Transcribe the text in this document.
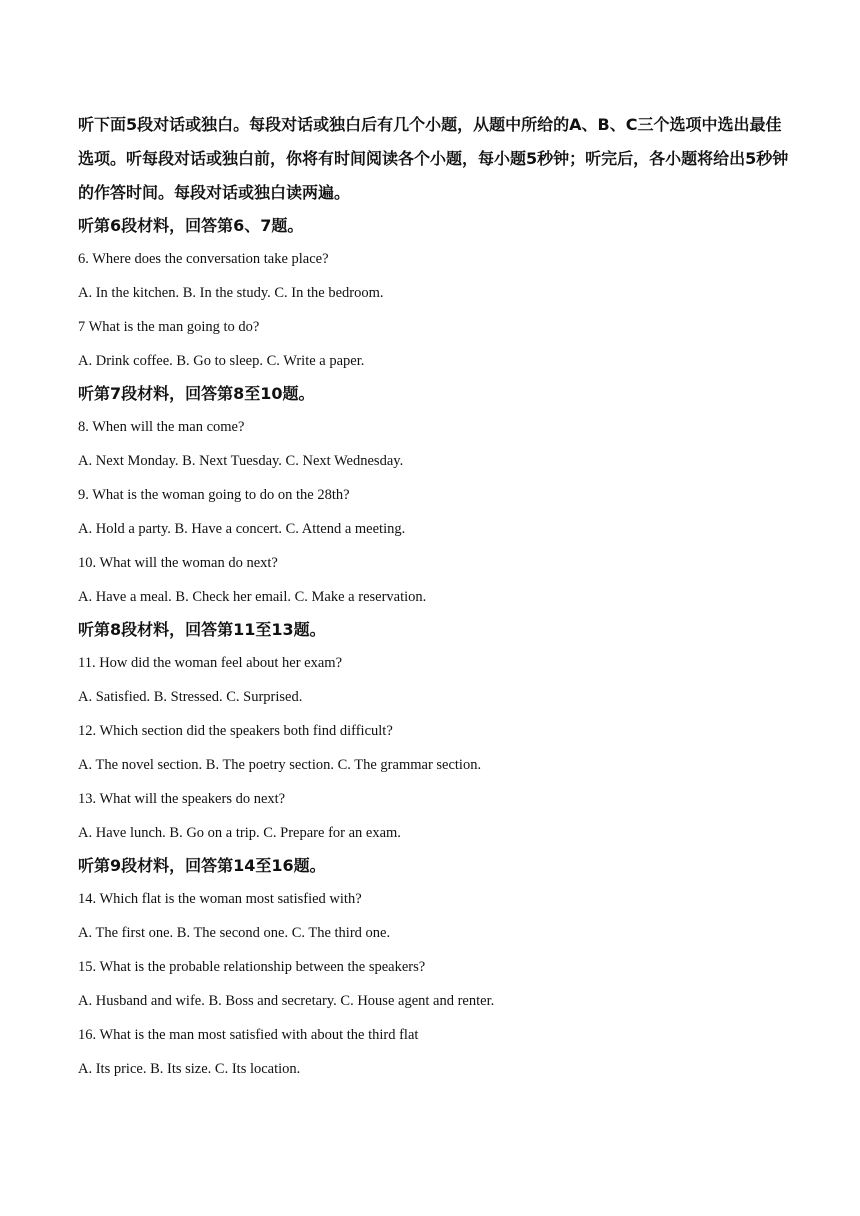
听下面5段对话或独白。每段对话或独白后有几个小题，从题中所给的A、B、C三个选项中选出最佳选项。听每段对话或独白前，你将有时间阅读各个小题，每小题5秒钟；听完后，各小题将给出5秒钟的作答时间。每段对话或独白读两遍。

听第6段材料，回答第6、7题。

6. Where does the conversation take place?

A. In the kitchen. B. In the study. C. In the bedroom.

7 What is the man going to do?

A. Drink coffee. B. Go to sleep. C. Write a paper.

听第7段材料，回答第8至10题。

8. When will the man come?

A. Next Monday. B. Next Tuesday. C. Next Wednesday.

9. What is the woman going to do on the 28th?

A. Hold a party. B. Have a concert. C. Attend a meeting.

10. What will the woman do next?

A. Have a meal. B. Check her email. C. Make a reservation.

听第8段材料，回答第11至13题。

11. How did the woman feel about her exam?

A. Satisfied. B. Stressed. C. Surprised.

12. Which section did the speakers both find difficult?

A. The novel section. B. The poetry section. C. The grammar section.

13. What will the speakers do next?

A. Have lunch. B. Go on a trip. C. Prepare for an exam.

听第9段材料，回答第14至16题。

14. Which flat is the woman most satisfied with?

A. The first one. B. The second one. C. The third one.

15. What is the probable relationship between the speakers?

A. Husband and wife. B. Boss and secretary. C. House agent and renter.

16. What is the man most satisfied with about the third flat

A. Its price. B. Its size. C. Its location.
